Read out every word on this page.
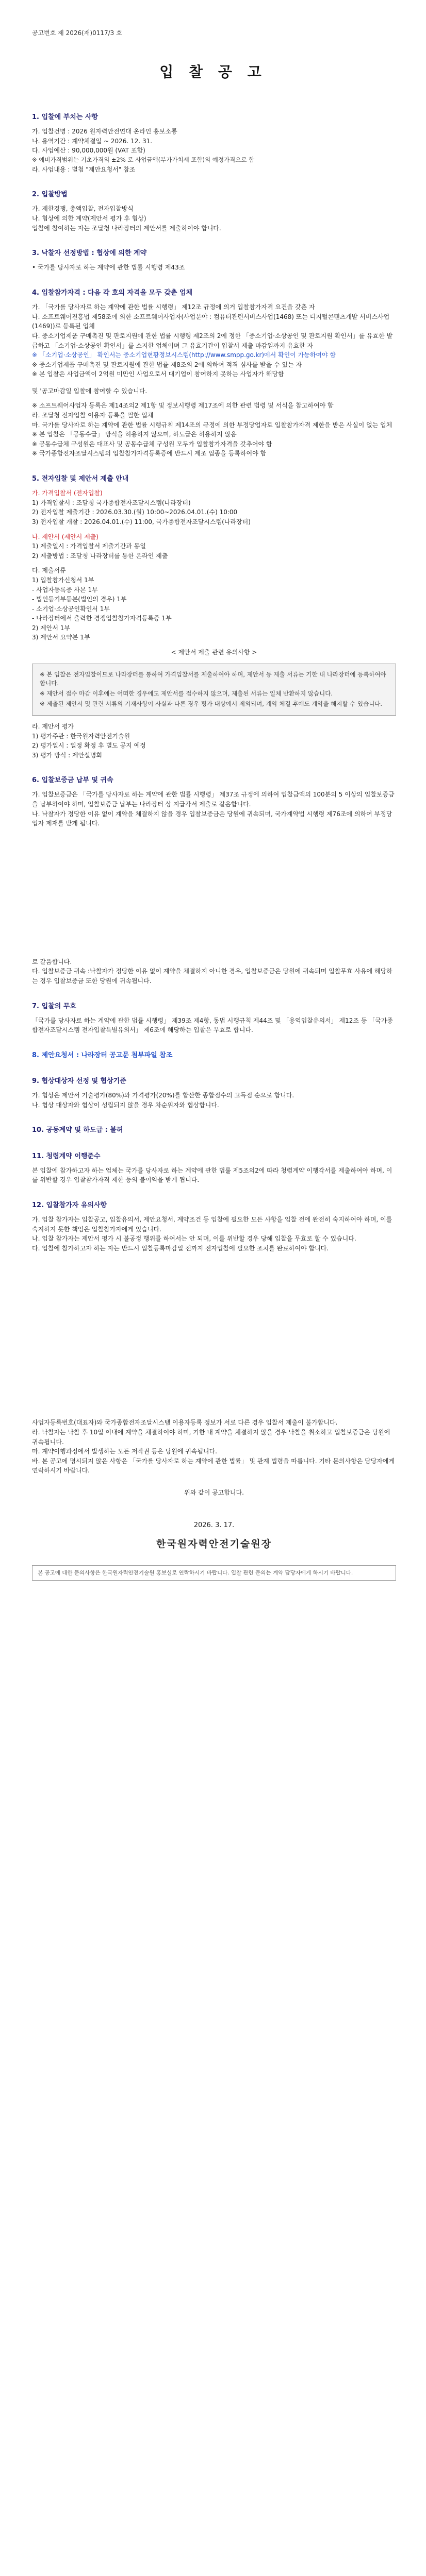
공고번호 제 2026(재)0117/3 호
입 찰 공 고
1. 입찰에 부치는 사항

가. 입찰건명 : 2026 원자력안전연대 온라인 홍보소통

나. 용역기간 : 계약체결일 ~ 2026. 12. 31.

다. 사업예산 : 90,000,000원 (VAT 포함)

※ 예비가격범위는 기초가격의 ±2% 로 사업금액(부가가치세 포함)의 예정가격으로 함

라. 사업내용 : 별첨 "제안요청서" 참조

2. 입찰방법

가. 제한경쟁, 총액입찰, 전자입찰방식

나. 협상에 의한 계약(제안서 평가 후 협상)

입찰에 참여하는 자는 조달청 나라장터의 제안서를 제출하여야 합니다.

3. 낙찰자 선정방법 : 협상에 의한 계약

• 국가를 당사자로 하는 계약에 관한 법률 시행령 제43조

4. 입찰참가자격 : 다음 각 호의 자격을 모두 갖춘 업체

가. 「국가를 당사자로 하는 계약에 관한 법률 시행령」 제12조 규정에 의거 입찰참가자격 요건을 갖춘 자

나. 소프트웨어진흥법 제58조에 의한 소프트웨어사업자(사업분야 : 컴퓨터관련서비스사업(1468) 또는 디지털콘텐츠개발 서비스사업(1469))로 등록된 업체

다. 중소기업제품 구매촉진 및 판로지원에 관한 법률 시행령 제2조의 2에 정한 「중소기업·소상공인 및 판로지원 확인서」를 유효한 발급하고 「소기업·소상공인 확인서」를 소지한 업체이며 그 유효기간이 입찰서 제출 마감일까지 유효한 자

※ 「소기업·소상공인」 확인서는 중소기업현황정보시스템(http://www.smpp.go.kr)에서 확인이 가능하여야 함

※ 중소기업제품 구매촉진 및 판로지원에 관한 법률 제8조의 2에 의하여 적격 심사를 받을 수 있는 자

※ 본 입찰은 사업금액이 2억원 미만인 사업으로서 대기업이 참여하지 못하는 사업자가 해당함

및 '공고마감일 입찰에 참여할 수 있습니다.

※ 소프트웨어사업자 등록은 제14조의2 제1항 및 정보시행령 제17조에 의한 관련 법령 및 서식을 참고하여야 함

라. 조달청 전자입찰 이용자 등록을 필한 업체

마. 국가를 당사자로 하는 계약에 관한 법률 시행규칙 제14조의 규정에 의한 부정당업자로 입찰참가자격 제한을 받은 사실이 없는 업체

※ 본 입찰은 「공동수급」 방식을 허용하지 않으며, 하도급은 허용하지 않음

※ 공동수급체 구성원은 대표사 및 공동수급체 구성원 모두가 입찰참가자격을 갖추어야 함

※ 국가종합전자조달시스템의 입찰참가자격등록증에 반드시 제조 업종을 등록하여야 함

5. 전자입찰 및 제안서 제출 안내

가. 가격입찰서 (전자입찰)

1) 가격입찰서 : 조달청 국가종합전자조달시스템(나라장터)

2) 전자입찰 제출기간 : 2026.03.30.(월) 10:00~2026.04.01.(수) 10:00

3) 전자입찰 개찰 : 2026.04.01.(수) 11:00, 국가종합전자조달시스템(나라장터)

나. 제안서 (제안서 제출)

1) 제출일시 : 가격입찰서 제출기간과 동일

2) 제출방법 : 조달청 나라장터를 통한 온라인 제출

다. 제출서류

1) 입찰참가신청서 1부

- 사업자등록증 사본 1부

- 법인등기부등본(법인의 경우) 1부

- 소기업·소상공인확인서 1부

- 나라장터에서 출력한 경쟁입찰참가자격등록증 1부

2) 제안서 1부

3) 제안서 요약본 1부

< 제안서 제출 관련 유의사항 >

※ 본 입찰은 전자입찰이므로 나라장터를 통하여 가격입찰서를 제출하여야 하며, 제안서 등 제출 서류는 기한 내 나라장터에 등록하여야 합니다.

※ 제안서 접수 마감 이후에는 어떠한 경우에도 제안서를 접수하지 않으며, 제출된 서류는 일체 반환하지 않습니다.

※ 제출된 제안서 및 관련 서류의 기재사항이 사실과 다른 경우 평가 대상에서 제외되며, 계약 체결 후에도 계약을 해지할 수 있습니다.

라. 제안서 평가

1) 평가주관 : 한국원자력안전기술원

2) 평가일시 : 일정 확정 후 별도 공지 예정

3) 평가 방식 : 제안설명회

6. 입찰보증금 납부 및 귀속

가. 입찰보증금은 「국가를 당사자로 하는 계약에 관한 법률 시행령」 제37조 규정에 의하여 입찰금액의 100분의 5 이상의 입찰보증금을 납부하여야 하며, 입찰보증금 납부는 나라장터 상 지급각서 제출로 갈음합니다.

나. 낙찰자가 정당한 이유 없이 계약을 체결하지 않을 경우 입찰보증금은 당원에 귀속되며, 국가계약법 시행령 제76조에 의하여 부정당업자 제재를 받게 됩니다.

로 갈음합니다.

다. 입찰보증금 귀속 :낙찰자가 정당한 이유 없이 계약을 체결하지 아니한 경우, 입찰보증금은 당원에 귀속되며 입찰무효 사유에 해당하는 경우 입찰보증금 또한 당원에 귀속됩니다.

7. 입찰의 무효

「국가를 당사자로 하는 계약에 관한 법률 시행령」 제39조 제4항, 동법 시행규칙 제44조 및 「용역입찰유의서」 제12조 등 「국가종합전자조달시스템 전자입찰특별유의서」 제6조에 해당하는 입찰은 무효로 합니다.

8. 제안요청서 : 나라장터 공고문 첨부파일 참조
9. 협상대상자 선정 및 협상기준

가. 협상은 제안서 기술평가(80%)와 가격평가(20%)를 합산한 종합점수의 고득점 순으로 합니다.

나. 협상 대상자와 협상이 성립되지 않을 경우 차순위자와 협상합니다.

10. 공동계약 및 하도급 : 불허
11. 청렴계약 이행준수

본 입찰에 참가하고자 하는 업체는 국가를 당사자로 하는 계약에 관한 법률 제5조의2에 따라 청렴계약 이행각서를 제출하여야 하며, 이를 위반할 경우 입찰참가자격 제한 등의 불이익을 받게 됩니다.

12. 입찰참가자 유의사항

가. 입찰 참가자는 입찰공고, 입찰유의서, 제안요청서, 계약조건 등 입찰에 필요한 모든 사항을 입찰 전에 완전히 숙지하여야 하며, 이를 숙지하지 못한 책임은 입찰참가자에게 있습니다.

나. 입찰 참가자는 제안서 평가 시 불공정 행위를 하여서는 안 되며, 이를 위반할 경우 당해 입찰을 무효로 할 수 있습니다.

다. 입찰에 참가하고자 하는 자는 반드시 입찰등록마감일 전까지 전자입찰에 필요한 조치를 완료하여야 합니다.

사업자등록번호(대표자)와 국가종합전자조달시스템 이용자등록 정보가 서로 다른 경우 입찰서 제출이 불가합니다.

라. 낙찰자는 낙찰 후 10일 이내에 계약을 체결하여야 하며, 기한 내 계약을 체결하지 않을 경우 낙찰을 취소하고 입찰보증금은 당원에 귀속됩니다.

마. 계약이행과정에서 발생하는 모든 저작권 등은 당원에 귀속됩니다.

바. 본 공고에 명시되지 않은 사항은 「국가를 당사자로 하는 계약에 관한 법률」 및 관계 법령을 따릅니다. 기타 문의사항은 담당자에게 연락하시기 바랍니다.

위와 같이 공고합니다.

2026. 3. 17.
한국원자력안전기술원장
본 공고에 대한 문의사항은 한국원자력안전기술원 홍보실로 연락하시기 바랍니다. 입찰 관련 문의는 계약 담당자에게 하시기 바랍니다.
